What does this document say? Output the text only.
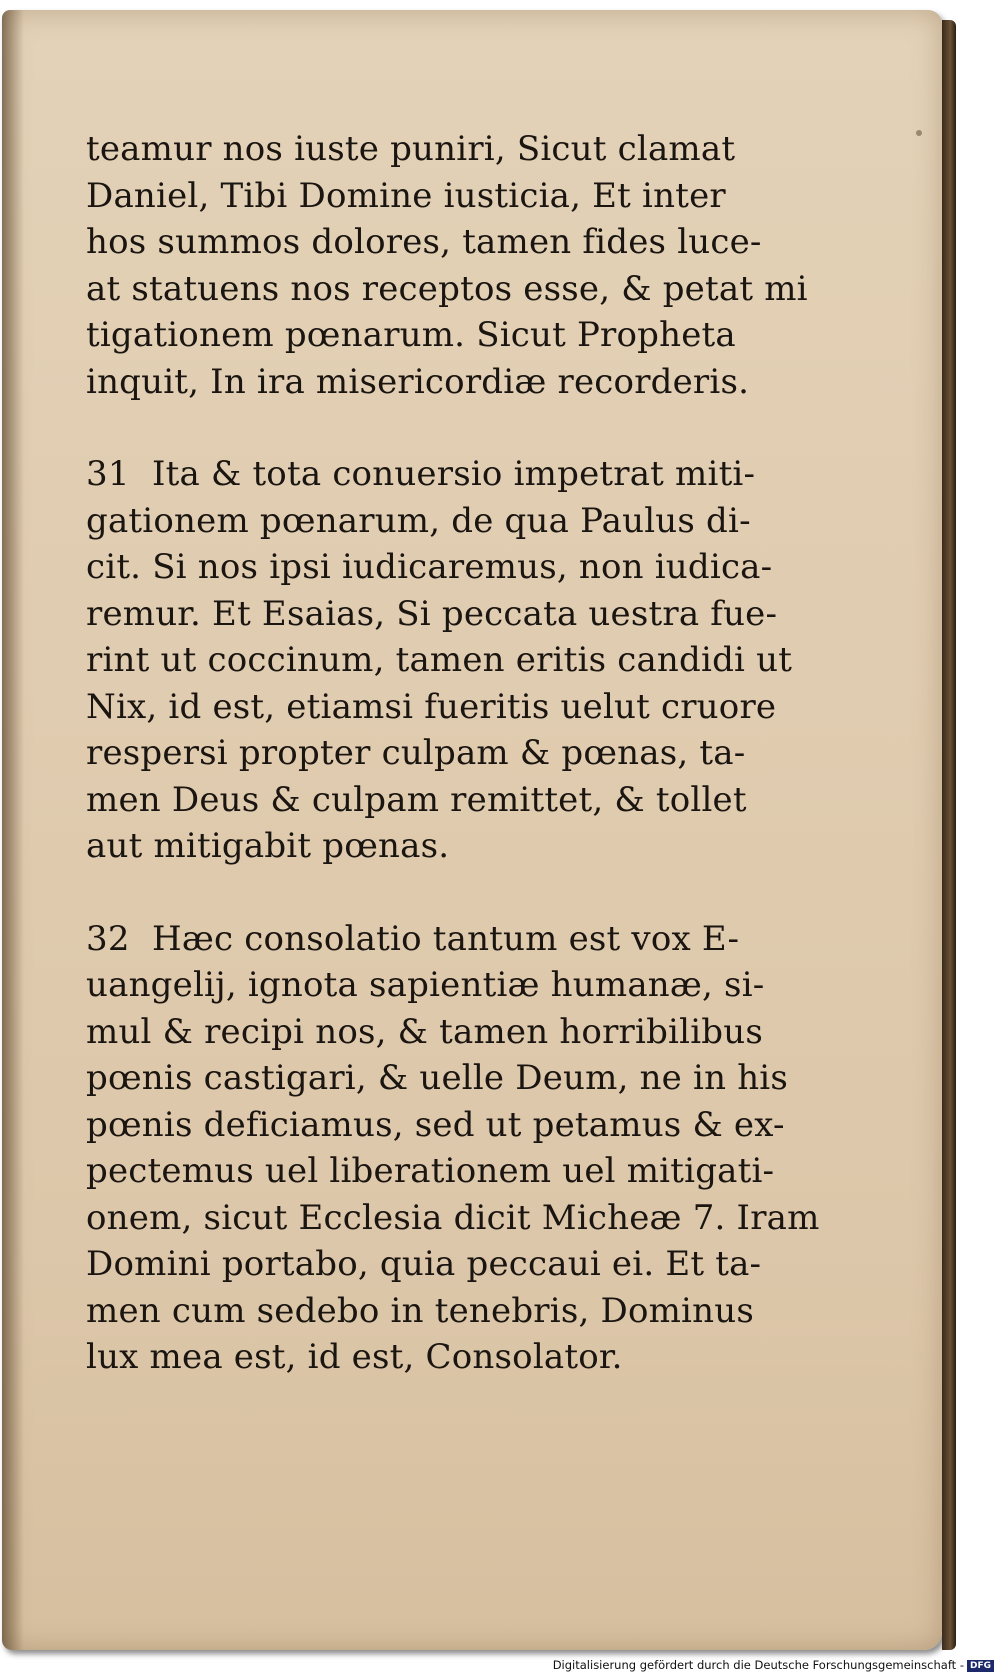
teamur nos iuste puniri, Sicut clamat
Daniel, Tibi Domine iusticia, Et inter
hos summos dolores, tamen fides luce-
at statuens nos receptos esse, & petat mi
tigationem pœnarum. Sicut Propheta
inquit, In ira misericordiæ recorderis.
31 Ita & tota conuersio impetrat miti-
gationem pœnarum, de qua Paulus di-
cit. Si nos ipsi iudicaremus, non iudica-
remur. Et Esaias, Si peccata uestra fue-
rint ut coccinum, tamen eritis candidi ut
Nix, id est, etiamsi fueritis uelut cruore
respersi propter culpam & pœnas, ta-
men Deus & culpam remittet, & tollet
aut mitigabit pœnas.
32 Hæc consolatio tantum est vox E-
uangelij, ignota sapientiæ humanæ, si-
mul & recipi nos, & tamen horribilibus
pœnis castigari, & uelle Deum, ne in his
pœnis deficiamus, sed ut petamus & ex-
pectemus uel liberationem uel mitigati-
onem, sicut Ecclesia dicit Micheæ 7. Iram
Domini portabo, quia peccaui ei. Et ta-
men cum sedebo in tenebris, Dominus
lux mea est, id est, Consolator.
Digitalisierung gefördert durch die Deutsche Forschungsgemeinschaft - DFG
